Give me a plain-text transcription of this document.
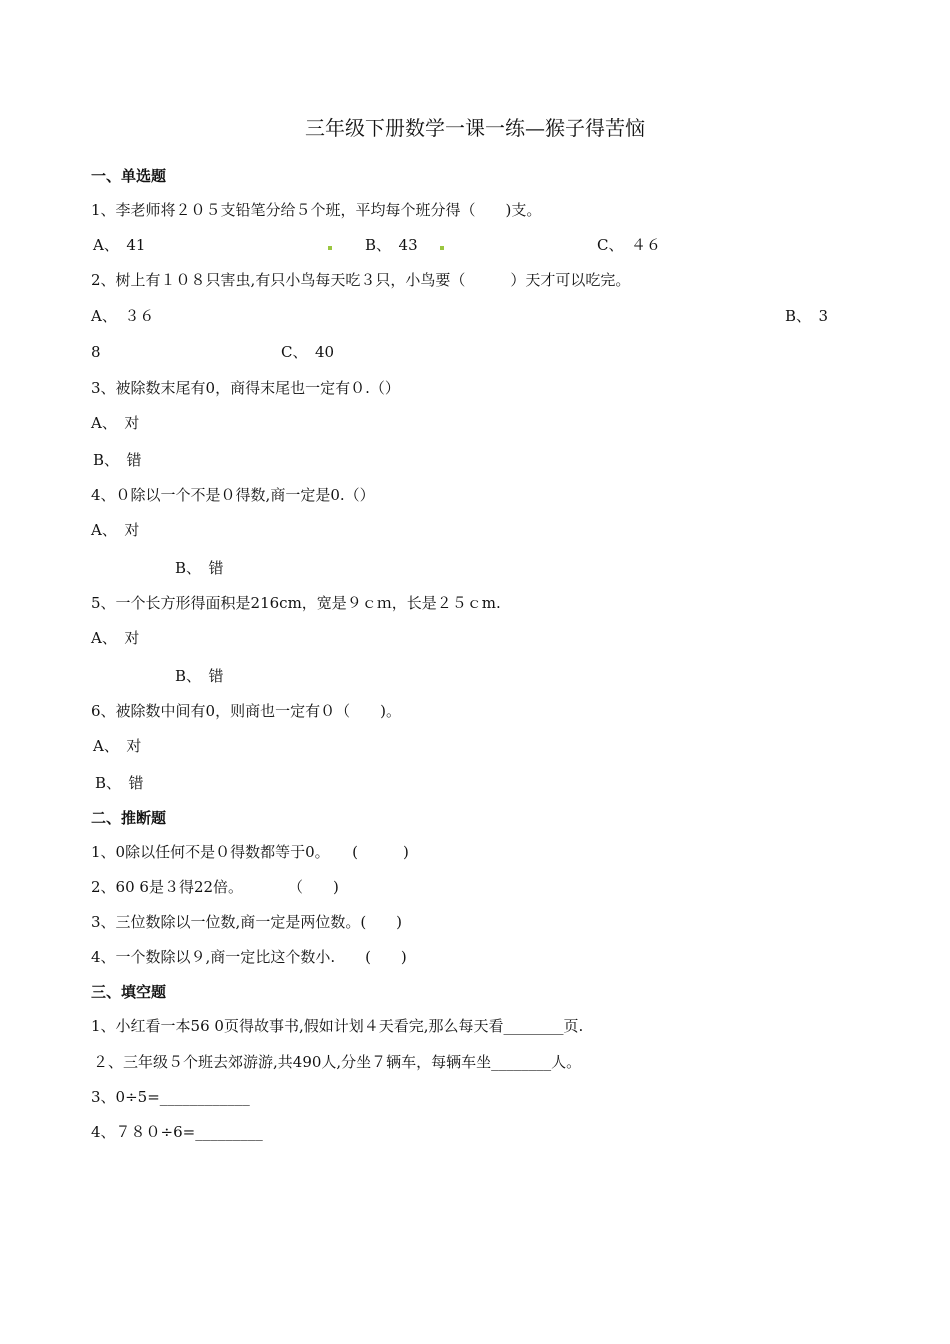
三年级下册数学一课一练—猴子得苦恼
一、单选题
1、李老师将２０５支铅笔分给５个班，平均每个班分得（　　)支。
A、　41	B、　43	C、　４６
2、树上有１０８只害虫,有只小鸟每天吃３只，小鸟要（　　　）天才可以吃完。
A、　３６	B、　3
8	C、　40
3、被除数末尾有0，商得末尾也一定有０.（）
A、　对
B、　错
4、０除以一个不是０得数,商一定是0.（）
A、　对
B、　错
5、一个长方形得面积是216cm，宽是９ｃｍ，长是２５ｃm.
A、　对
B、　错
6、被除数中间有0，则商也一定有０（　　)。
A、　对
B、　错
二、推断题
1、0除以任何不是０得数都等于0。　　(　　　)
2、60 6是３得22倍。　　　　（　　)
3、三位数除以一位数,商一定是两位数。(　　)
4、一个数除以９,商一定比这个数小.　　(　　)
三、填空题
1、小红看一本56 0页得故事书,假如计划４天看完,那么每天看________页.
２、三年级５个班去郊游游,共490人,分坐７辆车，每辆车坐________人。
3、0÷5=____________
4、７８０÷6=_________
